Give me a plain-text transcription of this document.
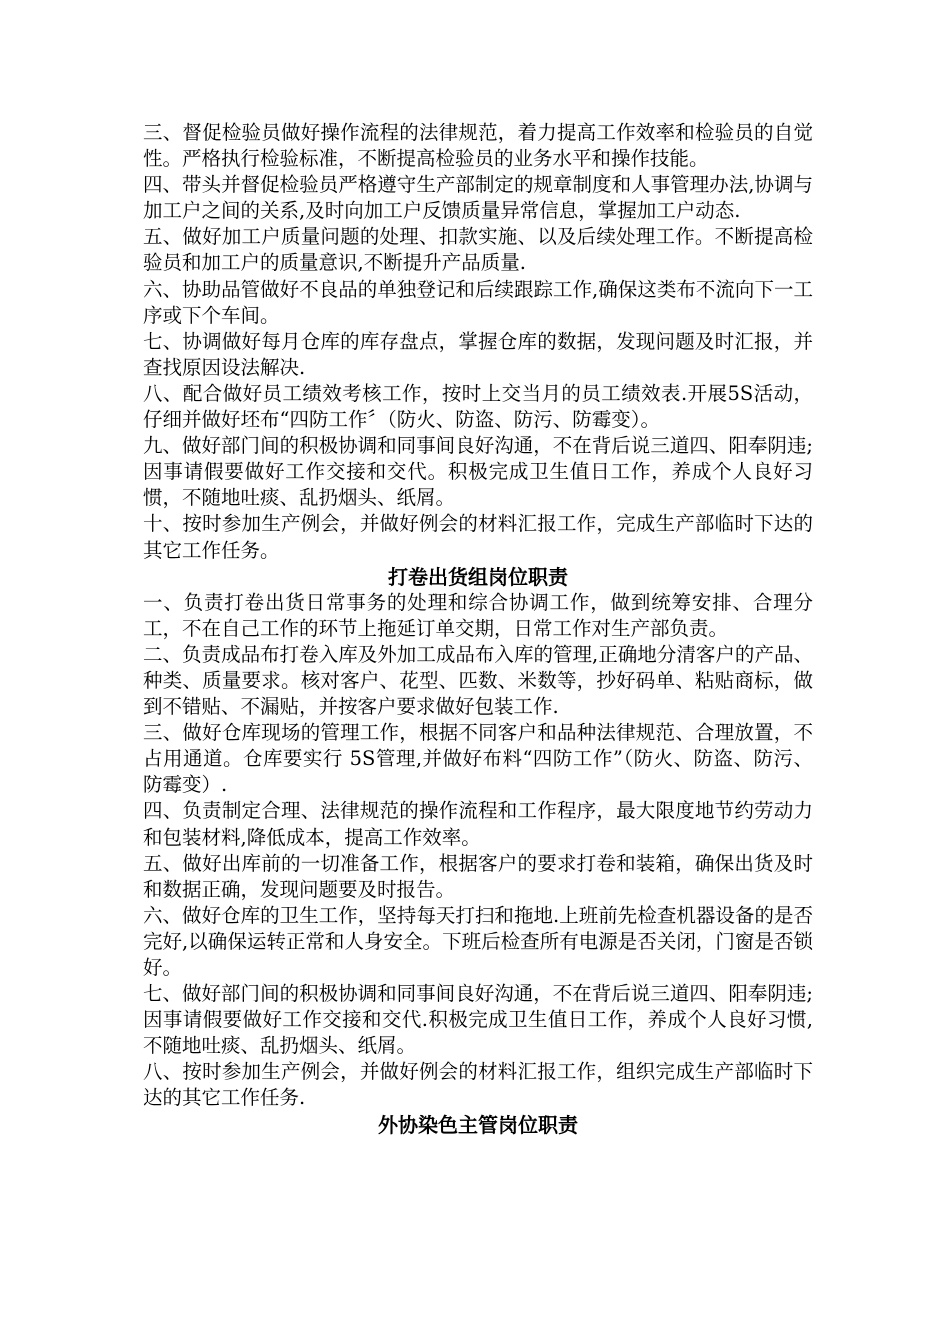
三、督促检验员做好操作流程的法律规范，着力提高工作效率和检验员的自觉性。严格执行检验标准，不断提高检验员的业务水平和操作技能。

四、带头并督促检验员严格遵守生产部制定的规章制度和人事管理办法,协调与加工户之间的关系,及时向加工户反馈质量异常信息，掌握加工户动态.

五、做好加工户质量问题的处理、扣款实施、以及后续处理工作。不断提高检验员和加工户的质量意识,不断提升产品质量.

六、协助品管做好不良品的单独登记和后续跟踪工作,确保这类布不流向下一工序或下个车间。

七、协调做好每月仓库的库存盘点，掌握仓库的数据，发现问题及时汇报，并查找原因设法解决.

八、配合做好员工绩效考核工作，按时上交当月的员工绩效表.开展5S活动，仔细并做好坯布“四防工作〞（防火、防盗、防污、防霉变）。

九、做好部门间的积极协调和同事间良好沟通，不在背后说三道四、阳奉阴违;因事请假要做好工作交接和交代。积极完成卫生值日工作，养成个人良好习惯，不随地吐痰、乱扔烟头、纸屑。

十、按时参加生产例会，并做好例会的材料汇报工作，完成生产部临时下达的其它工作任务。

打卷出货组岗位职责

一、负责打卷出货日常事务的处理和综合协调工作，做到统筹安排、合理分工，不在自己工作的环节上拖延订单交期，日常工作对生产部负责。

二、负责成品布打卷入库及外加工成品布入库的管理,正确地分清客户的产品、种类、质量要求。核对客户、花型、匹数、米数等，抄好码单、粘贴商标，做到不错贴、不漏贴，并按客户要求做好包装工作.

三、做好仓库现场的管理工作，根据不同客户和品种法律规范、合理放置，不占用通道。仓库要实行 5S管理,并做好布料“四防工作”（防火、防盗、防污、防霉变）.

四、负责制定合理、法律规范的操作流程和工作程序，最大限度地节约劳动力和包装材料,降低成本，提高工作效率。

五、做好出库前的一切准备工作，根据客户的要求打卷和装箱，确保出货及时和数据正确，发现问题要及时报告。

六、做好仓库的卫生工作，坚持每天打扫和拖地.上班前先检查机器设备的是否完好,以确保运转正常和人身安全。下班后检查所有电源是否关闭，门窗是否锁好。

七、做好部门间的积极协调和同事间良好沟通，不在背后说三道四、阳奉阴违;因事请假要做好工作交接和交代.积极完成卫生值日工作，养成个人良好习惯,不随地吐痰、乱扔烟头、纸屑。

八、按时参加生产例会，并做好例会的材料汇报工作，组织完成生产部临时下达的其它工作任务.

外协染色主管岗位职责
